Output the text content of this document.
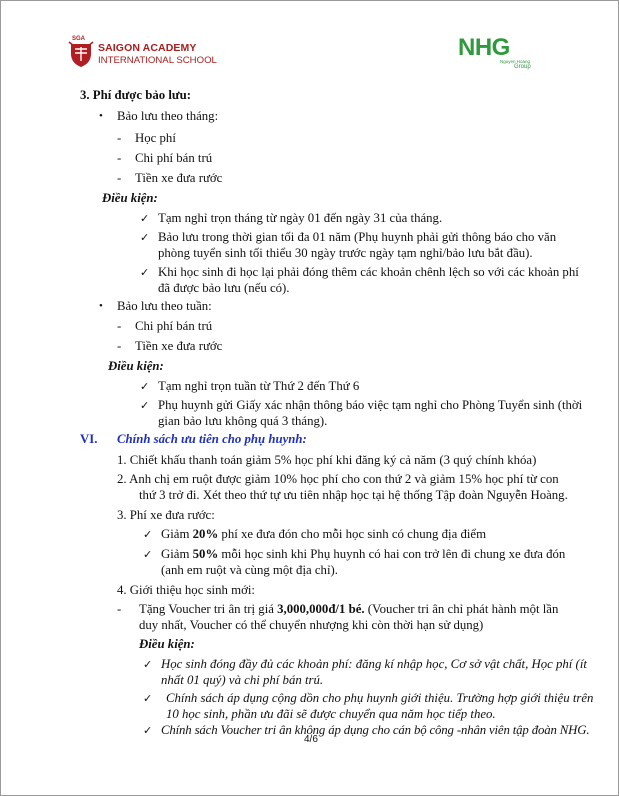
SGA
SAIGON ACADEMY
INTERNATIONAL SCHOOL	NHG
Nguyen Hoang
Group
3. Phí được bảo lưu:
• Bảo lưu theo tháng:
- Học phí
- Chi phí bán trú
- Tiền xe đưa rước
Điều kiện:
✓ Tạm nghỉ trọn tháng từ ngày 01 đến ngày 31 của tháng.
✓ Bảo lưu trong thời gian tối đa 01 năm (Phụ huynh phải gửi thông báo cho văn
phòng tuyển sinh tối thiểu 30 ngày trước ngày tạm nghỉ/bảo lưu bắt đầu).
✓ Khi học sinh đi học lại phải đóng thêm các khoản chênh lệch so với các khoản phí
đã được bảo lưu (nếu có).
• Bảo lưu theo tuần:
- Chi phí bán trú
- Tiền xe đưa rước
Điều kiện:
✓ Tạm nghỉ trọn tuần từ Thứ 2 đến Thứ 6
✓ Phụ huynh gửi Giấy xác nhận thông báo việc tạm nghỉ cho Phòng Tuyển sinh (thời
gian bảo lưu không quá 3 tháng).
VI. Chính sách ưu tiên cho phụ huynh:
1. Chiết khấu thanh toán giảm 5% học phí khi đăng ký cả năm (3 quý chính khóa)
2. Anh chị em ruột được giảm 10% học phí cho con thứ 2 và giảm 15% học phí từ con
thứ 3 trở đi. Xét theo thứ tự ưu tiên nhập học tại hệ thống Tập đoàn Nguyễn Hoàng.
3. Phí xe đưa rước:
✓ Giảm 20% phí xe đưa đón cho mỗi học sinh có chung địa điểm
✓ Giảm 50% mỗi học sinh khi Phụ huynh có hai con trở lên đi chung xe đưa đón
(anh em ruột và cùng một địa chỉ).
4. Giới thiệu học sinh mới:
- Tặng Voucher tri ân trị giá 3,000,000đ/1 bé. (Voucher tri ân chỉ phát hành một lần
duy nhất, Voucher có thể chuyển nhượng khi còn thời hạn sử dụng)
Điều kiện:
✓ Học sinh đóng đầy đủ các khoản phí: đăng kí nhập học, Cơ sở vật chất, Học phí (ít
nhất 01 quý) và chi phí bán trú.
✓ Chính sách áp dụng cộng dồn cho phụ huynh giới thiệu. Trường hợp giới thiệu trên
10 học sinh, phần ưu đãi sẽ được chuyển qua năm học tiếp theo.
✓ Chính sách Voucher tri ân không áp dụng cho cán bộ công -nhân viên tập đoàn NHG.
4/6
